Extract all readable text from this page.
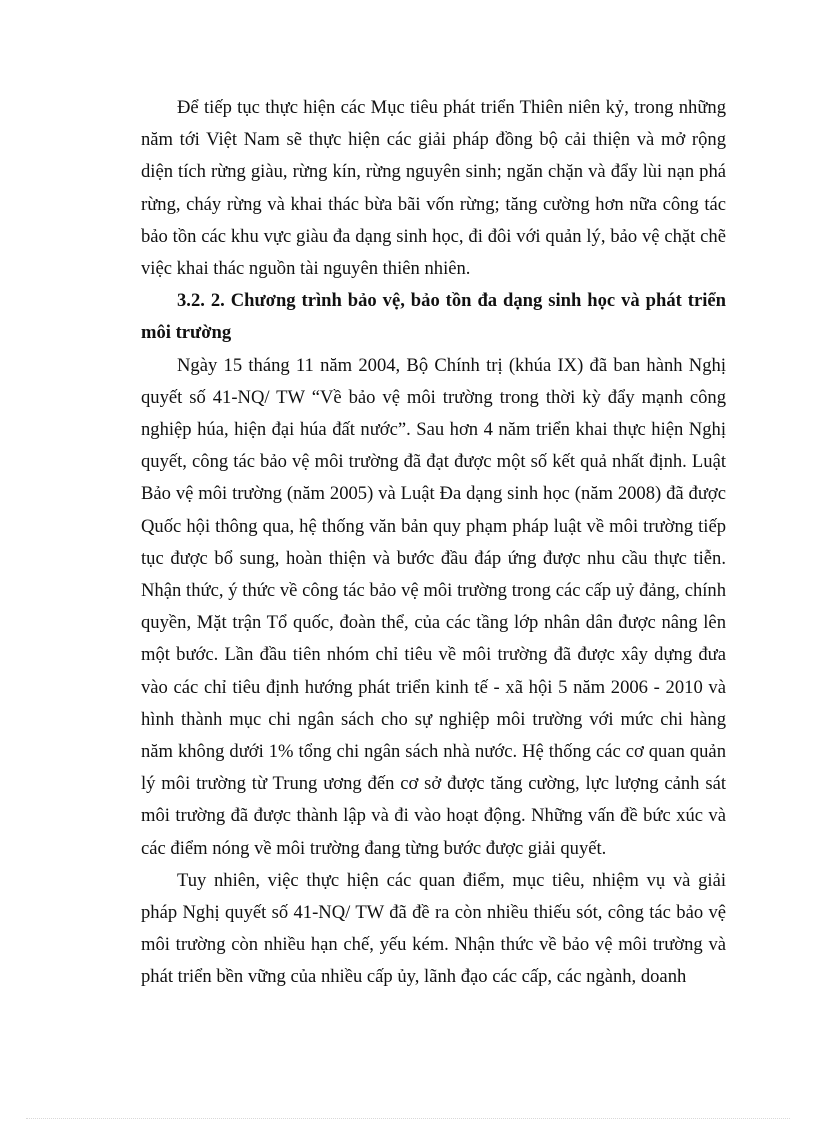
Để tiếp tục thực hiện các Mục tiêu phát triển Thiên niên kỷ, trong những năm tới Việt Nam sẽ thực hiện các giải pháp đồng bộ cải thiện và mở rộng diện tích rừng giàu, rừng kín, rừng nguyên sinh; ngăn chặn và đẩy lùi nạn phá rừng, cháy rừng và khai thác bừa bãi vốn rừng; tăng cường hơn nữa công tác bảo tồn các khu vực giàu đa dạng sinh học, đi đôi với quản lý, bảo vệ chặt chẽ việc khai thác nguồn tài nguyên thiên nhiên.

3.2. 2. Chương trình bảo vệ, bảo tồn đa dạng sinh học và phát triển môi trường

Ngày 15 tháng 11 năm 2004, Bộ Chính trị (khúa IX) đã ban hành Nghị quyết số 41-NQ/ TW “Về bảo vệ môi trường trong thời kỳ đẩy mạnh công nghiệp húa, hiện đại húa đất nước”. Sau hơn 4 năm triển khai thực hiện Nghị quyết, công tác bảo vệ môi trường đã đạt được một số kết quả nhất định. Luật Bảo vệ môi trường (năm 2005) và Luật Đa dạng sinh học (năm 2008) đã được Quốc hội thông qua, hệ thống văn bản quy phạm pháp luật về môi trường tiếp tục được bổ sung, hoàn thiện và bước đầu đáp ứng được nhu cầu thực tiễn. Nhận thức, ý thức về công tác bảo vệ môi trường trong các cấp uỷ đảng, chính quyền, Mặt trận Tổ quốc, đoàn thể, của các tầng lớp nhân dân được nâng lên một bước. Lần đầu tiên nhóm chỉ tiêu về môi trường đã được xây dựng đưa vào các chỉ tiêu định hướng phát triển kinh tế - xã hội 5 năm 2006 - 2010 và hình thành mục chi ngân sách cho sự nghiệp môi trường với mức chi hàng năm không dưới 1% tổng chi ngân sách nhà nước. Hệ thống các cơ quan quản lý môi trường từ Trung ương đến cơ sở được tăng cường, lực lượng cảnh sát môi trường đã được thành lập và đi vào hoạt động. Những vấn đề bức xúc và các điểm nóng về môi trường đang từng bước được giải quyết.

Tuy nhiên, việc thực hiện các quan điểm, mục tiêu, nhiệm vụ và giải pháp Nghị quyết số 41-NQ/ TW đã đề ra còn nhiều thiếu sót, công tác bảo vệ môi trường còn nhiều hạn chế, yếu kém. Nhận thức về bảo vệ môi trường và phát triển bền vững của nhiều cấp ủy, lãnh đạo các cấp, các ngành, doanh
